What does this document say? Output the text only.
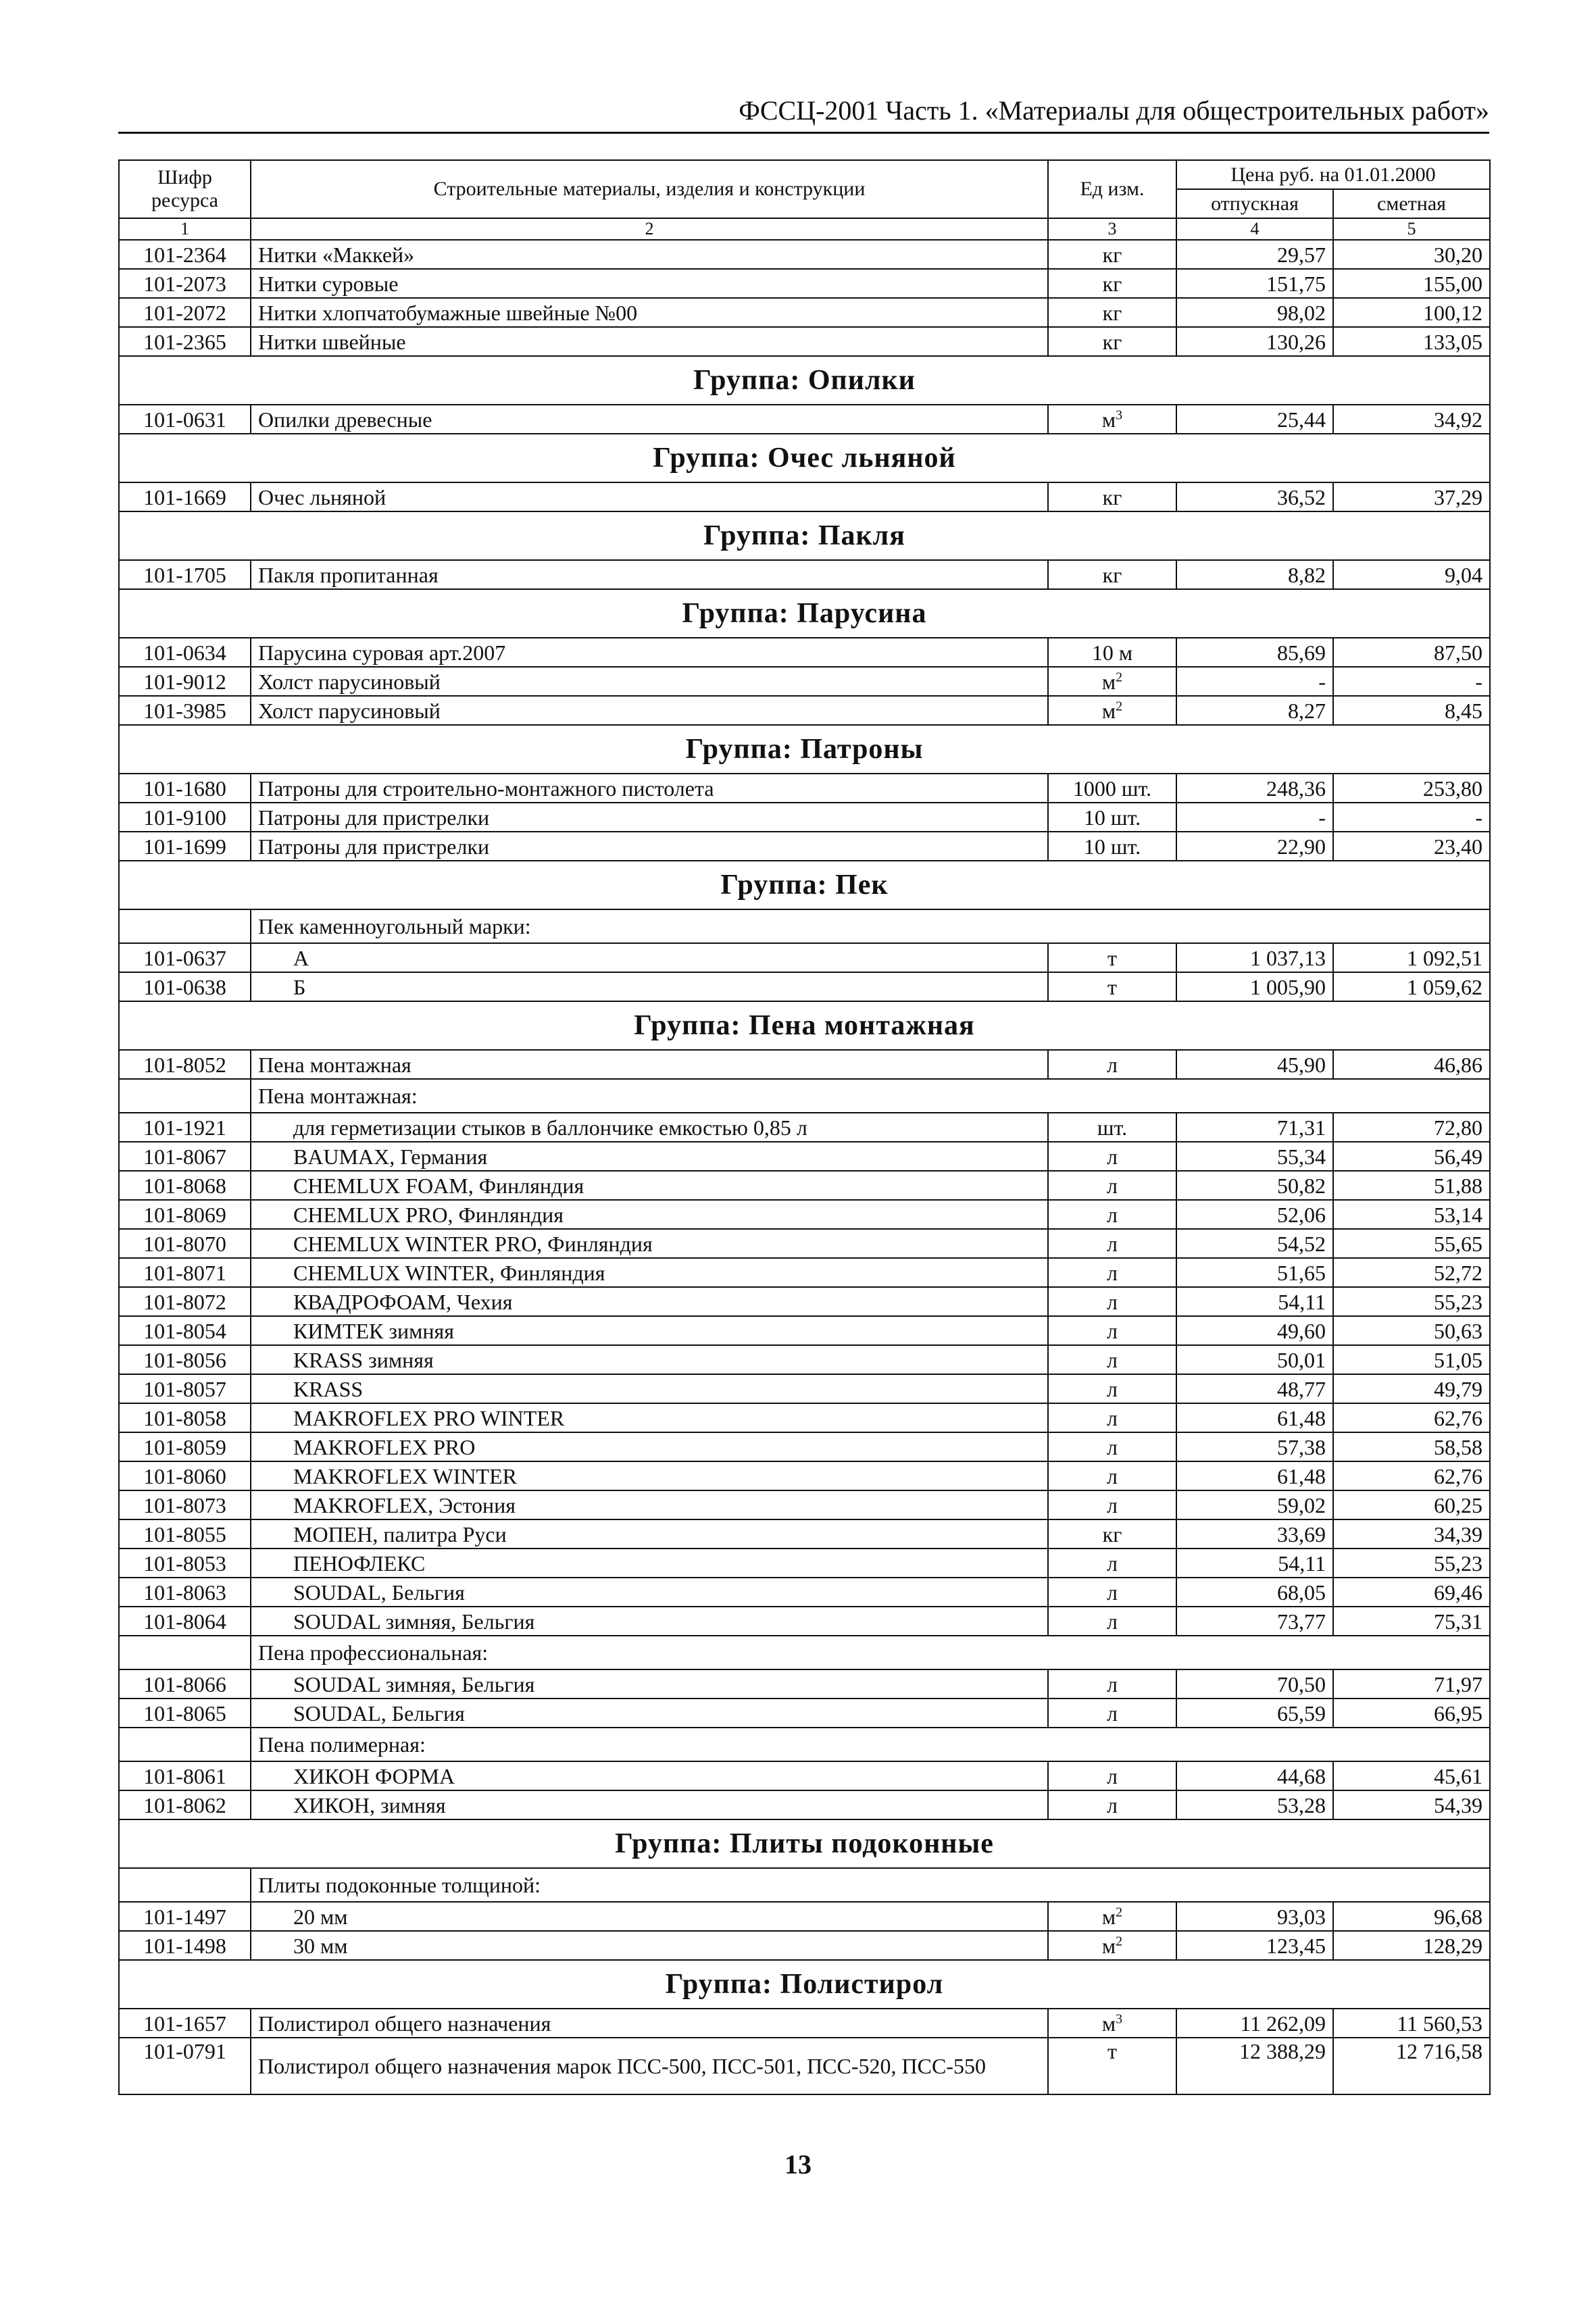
ФССЦ-2001 Часть 1. «Материалы для общестроительных работ»
Шифр ресурса	Строительные материалы, изделия и конструкции	Ед изм.	Цена руб. на 01.01.2000	
			отпускная	сметная
1	2	3	4	5
101-2364	Нитки «Маккей»	кг	29,57	30,20
101-2073	Нитки суровые	кг	151,75	155,00
101-2072	Нитки хлопчатобумажные швейные №00	кг	98,02	100,12
101-2365	Нитки швейные	кг	130,26	133,05
Группа: Опилки				
101-0631	Опилки древесные	$м^3$	25,44	34,92
Группа: Очес льняной				
101-1669	Очес льняной	кг	36,52	37,29
Группа: Пакля				
101-1705	Пакля пропитанная	кг	8,82	9,04
Группа: Парусина				
101-0634	Парусина суровая арт.2007	10 м	85,69	87,50
101-9012	Холст парусиновый	$м^2$	-	-
101-3985	Холст парусиновый	$м^2$	8,27	8,45
Группа: Патроны				
101-1680	Патроны для строительно-монтажного пистолета	1000 шт.	248,36	253,80
101-9100	Патроны для пристрелки	10 шт.	-	-
101-1699	Патроны для пристрелки	10 шт.	22,90	23,40
Группа: Пек				
	Пек каменноугольный марки:			
101-0637	А	т	1 037,13	1 092,51
101-0638	Б	т	1 005,90	1 059,62
Группа: Пена монтажная				
101-8052	Пена монтажная	л	45,90	46,86
	Пена монтажная:			
101-1921	для герметизации стыков в баллончике емкостью 0,85 л	шт.	71,31	72,80
101-8067	BAUMAX, Германия	л	55,34	56,49
101-8068	CHEMLUX FOAM, Финляндия	л	50,82	51,88
101-8069	CHEMLUX PRO, Финляндия	л	52,06	53,14
101-8070	CHEMLUX WINTER PRO, Финляндия	л	54,52	55,65
101-8071	CHEMLUX WINTER, Финляндия	л	51,65	52,72
101-8072	КВАДРОФОАМ, Чехия	л	54,11	55,23
101-8054	КИМТЕК зимняя	л	49,60	50,63
101-8056	KRASS зимняя	л	50,01	51,05
101-8057	KRASS	л	48,77	49,79
101-8058	MAKROFLEX PRO WINTER	л	61,48	62,76
101-8059	MAKROFLEX PRO	л	57,38	58,58
101-8060	MAKROFLEX WINTER	л	61,48	62,76
101-8073	MAKROFLEX, Эстония	л	59,02	60,25
101-8055	МОПЕН, палитра Руси	кг	33,69	34,39
101-8053	ПЕНОФЛЕКС	л	54,11	55,23
101-8063	SOUDAL, Бельгия	л	68,05	69,46
101-8064	SOUDAL зимняя, Бельгия	л	73,77	75,31
	Пена профессиональная:			
101-8066	SOUDAL зимняя, Бельгия	л	70,50	71,97
101-8065	SOUDAL, Бельгия	л	65,59	66,95
	Пена полимерная:			
101-8061	ХИКОН ФОРМА	л	44,68	45,61
101-8062	ХИКОН, зимняя	л	53,28	54,39
Группа: Плиты подоконные				
	Плиты подоконные толщиной:			
101-1497	20 мм	$м^2$	93,03	96,68
101-1498	30 мм	$м^2$	123,45	128,29
Группа: Полистирол				
101-1657	Полистирол общего назначения	$м^3$	11 262,09	11 560,53
101-0791	Полистирол общего назначения марок ПСС-500, ПСС-501, ПСС-520, ПСС-550	т	12 388,29	12 716,58
13
